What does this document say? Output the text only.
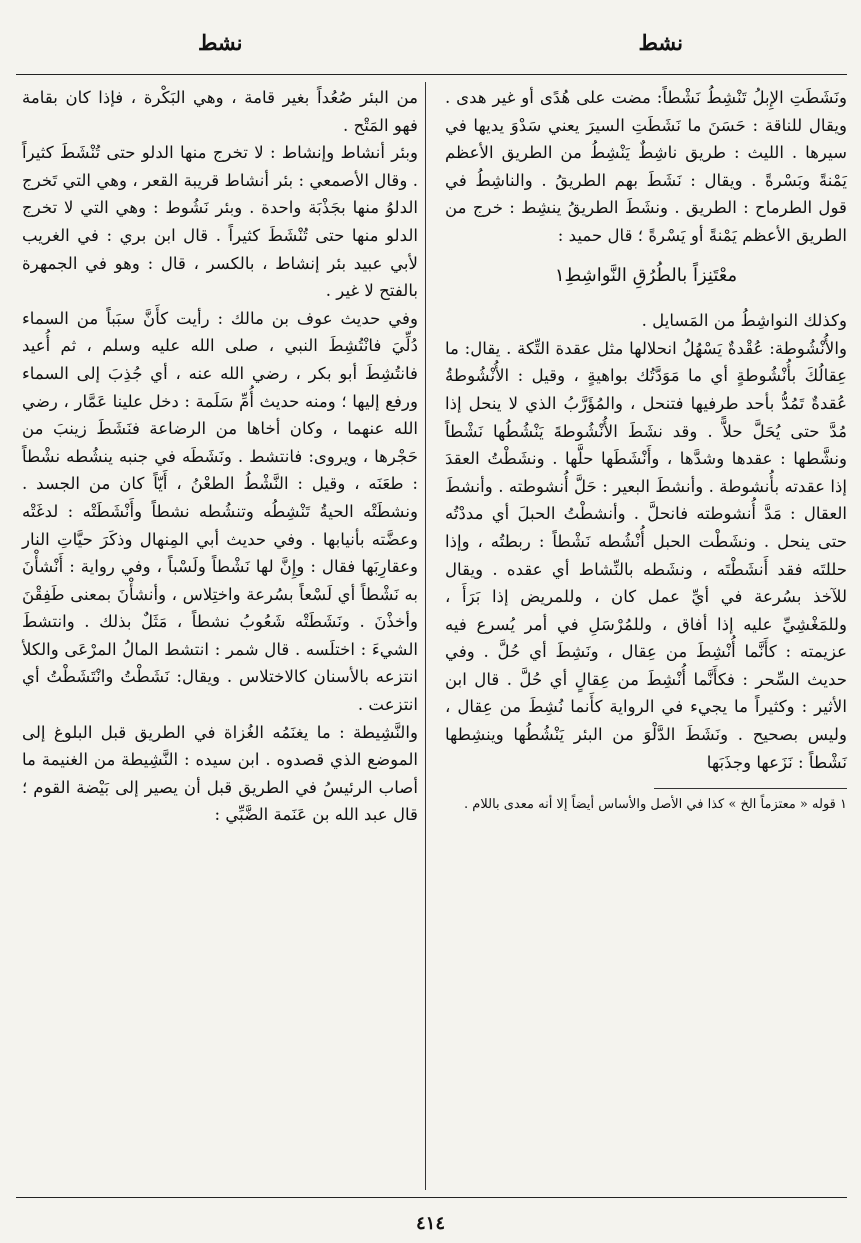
نشط
نشط

ونَشَطَتِ الإِبلُ تَنْشِطُ نَشْطاً: مضت على هُدًى أو غير هدى . ويقال للناقة : حَسَنَ ما نَشَطَتِ السيرَ يعني سَدْوَ يديها في سيرها . الليث : طريق ناشِطٌ يَنْشِطُ من الطريق الأعظم يَمْنةً وبَسْرةً . ويقال : نَشَطَ بهم الطريقُ . والناشِطُ في قول الطرماح : الطريق . ونشَطَ الطريقُ ينشِط : خرج من الطريق الأعظم يَمْنةً أو يَسْرةً ؛ قال حميد :

معْتَنِزاً بالطُرُقِ النَّواشِطِ١

وكذلك النواشِطُ من المَسايل .

والأُنْشُوطة: عُقْدةٌ يَسْهُلُ انحلالها مثل عقدة التِّكة . يقال: ما عِقالُكَ بأُنْشُوطةٍ أي ما مَوَدَّتُك بواهيةٍ ، وقيل : الأُنْشُوطةُ عُقدةٌ تَمُدُّ بأحد طرفيها فتنحل ، والمُؤَرَّبُ الذي لا ينحل إذا مُدَّ حتى يُحَلَّ حلاًّ . وقد نشَطَ الأُنْشُوطةَ يَنْشُطُها نَشْطاً ونشَّطها : عقدها وشدَّها ، وأَنْشَطَها حلَّها . ونشَطْتُ العقدَ إذا عقدته بأُنشوطة . وأنشطَ البعير : حَلَّ أُنشوطته . وأنشطَ العقال : مَدَّ أُنشوطته فانحلَّ . وأنشطْتُ الحبلَ أي مددْتُه حتى ينحل . ونشَطْت الحبل أُنْشُطه نَشْطاً : ربطتُه ، وإذا حللتَه فقد أَنشَطْتَه ، ونشَطه بالنِّشاط أي عقده . ويقال للآخذ بسُرعة في أيِّ عمل كان ، وللمريض إذا بَرَأَ ، وللمَغْشِيِّ عليه إذا أفاق ، وللمُرْسَلِ في أمر يُسرع فيه عزيمته : كأَنَّما أُنْشِطَ من عِقال ، ونَشِطَ أي حُلَّ . وفي حديث السِّحر : فكأَنَّما أُنْشِطَ من عِقالٍ أي حُلَّ . قال ابن الأثير : وكثيراً ما يجيء في الرواية كأَنما نُشِطَ من عِقال ، وليس بصحيح . ونَشَطَ الدَّلْوَ من البئر يَنْشُطُها وينشِطها نَشْطاً : نَزَعها وجذَبَها

١ قوله « معتزماً الخ » كذا في الأصل والأساس أيضاً إلا أنه معدى باللام .

من البئر صُعُداً بغير قامة ، وهي البَكْرة ، فإذا كان بقامة فهو المَتْح .

وبئر أنشاط وإنشاط : لا تخرج منها الدلو حتى تُنْشَطَ كثيراً . وقال الأصمعي : بئر أنشاط قريبة القعر ، وهي التي تَخرج الدلوُ منها بجَذْبَة واحدة . وبئر نَشُوط : وهي التي لا تخرج الدلو منها حتى تُنْشَطَ كثيراً . قال ابن بري : في الغريب لأبي عبيد بئر إنشاط ، بالكسر ، قال : وهو في الجمهرة بالفتح لا غير .

وفي حديث عوف بن مالك : رأيت كأَنَّ سبَباً من السماء دُلِّيَ فانْتُشِطَ النبي ، صلى الله عليه وسلم ، ثم أُعيد فانتُشِطَ أبو بكر ، رضي الله عنه ، أي جُذِبَ إلى السماء ورفع إليها ؛ ومنه حديث أُمِّ سَلَمة : دخل علينا عَمَّار ، رضي الله عنهما ، وكان أخاها من الرضاعة فنَشَطَ زينبَ من حَجْرها ، ويروى: فانتشط . ونَشَطَه في جنبه ينشُطه نشْطاً : طعَنَه ، وقيل : النَّشْطُ الطعْنُ ، أَيّاً كان من الجسد . ونشطَتْه الحيةُ تَنْشِطُه وتنشُطه نشطاً وأَنْشَطَتْه : لدغَتْه وعضَّته بأنيابها . وفي حديث أبي المِنهال وذكَرَ حيَّاتِ النار وعقارِبَها فقال : وإِنَّ لها نَشْطاً ولَسْباً ، وفي رواية : أَنْشأْنَ به نَشْطاً أي لَسْعاً بسُرعة واختِلاس ، وأنشأْنَ بمعنى طَفِقْنَ وأخذْنَ . ونَشَطَتْه شَعُوبُ نشطاً ، مَثَلٌ بذلك . وانتشطَ الشيءَ : اختلَسه . قال شمر : انتشط المالُ المرْعَى والكلأ انتزعه بالأسنان كالاختلاس . ويقال: نَشَطْتُ وانْتَشَطْتُ أي انتزعت .

والنَّشِيطة : ما يغنَمُه الغُزاة في الطريق قبل البلوغ إلى الموضع الذي قصدوه . ابن سيده : النَّشِيطة من الغنيمة ما أصاب الرئيسُ في الطريق قبل أن يصير إلى بَيْضة القوم ؛ قال عبد الله بن عَنَمة الضَّبِّي :

٤١٤
